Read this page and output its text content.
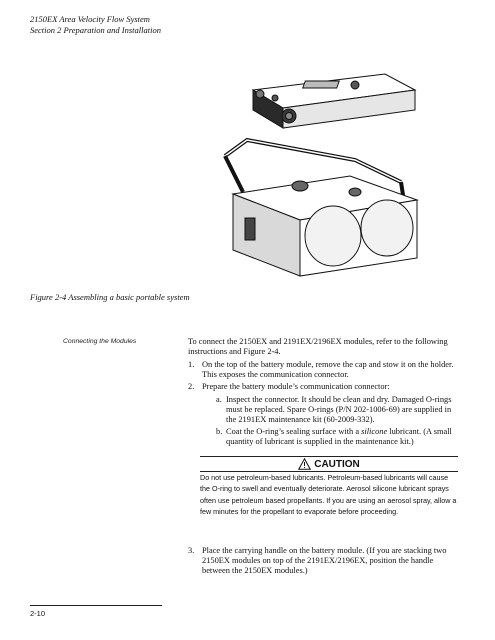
2150EX Area Velocity Flow System
Section 2 Preparation and Installation
Figure 2-4 Assembling a basic portable system
Connecting the Modules	To connect the 2150EX and 2191EX/2196EX modules, refer to the following instructions and Figure 2-4.
1. On the top of the battery module, remove the cap and stow it on the holder. This exposes the communication connector.
2. Prepare the battery module’s communication connector:
a. Inspect the connector. It should be clean and dry. Damaged O-rings must be replaced. Spare O-rings (P/N 202-1006-69) are supplied in the 2191EX maintenance kit (60-2009-332).
b. Coat the O-ring’s sealing surface with a silicone lubricant. (A small quantity of lubricant is supplied in the maintenance kit.)
CAUTION
Do not use petroleum-based lubricants. Petroleum-based lubricants will cause the O-ring to swell and eventually deteriorate. Aerosol silicone lubricant sprays often use petroleum based propellants. If you are using an aerosol spray, allow a few minutes for the propellant to evaporate before proceeding.
3. Place the carrying handle on the battery module. (If you are stacking two 2150EX modules on top of the 2191EX/2196EX, position the handle between the 2150EX modules.)
2-10
